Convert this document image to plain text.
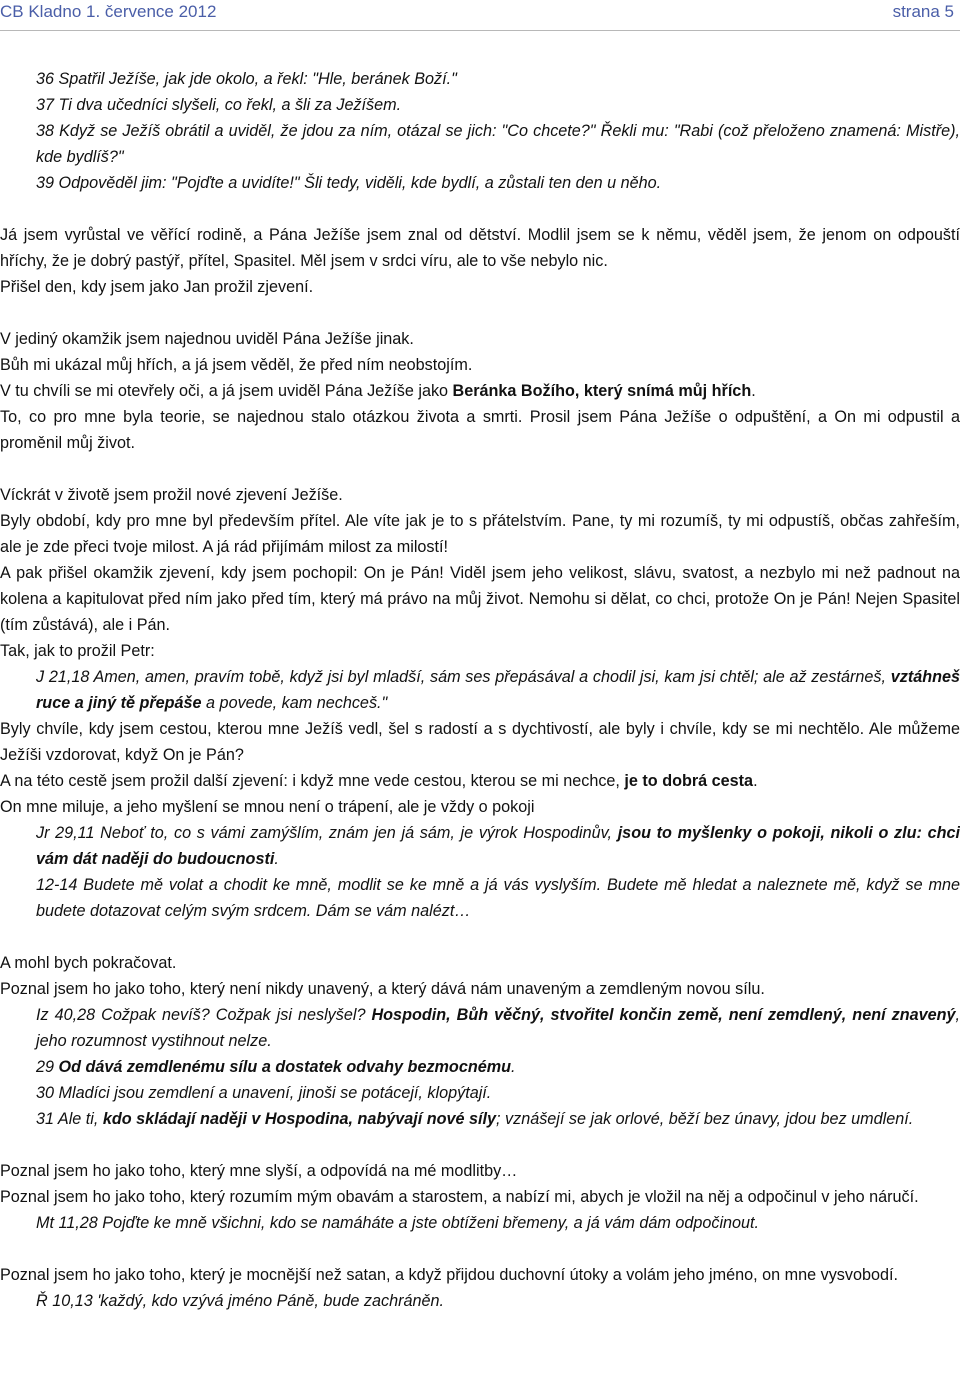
CB Kladno 1. července 2012	strana 5

36 Spatřil Ježíše, jak jde okolo, a řekl: "Hle, beránek Boží."

37 Ti dva učedníci slyšeli, co řekl, a šli za Ježíšem.

38 Když se Ježíš obrátil a uviděl, že jdou za ním, otázal se jich: "Co chcete?" Řekli mu: "Rabi (což přeloženo znamená: Mistře), kde bydlíš?"

39 Odpověděl jim: "Pojďte a uvidíte!" Šli tedy, viděli, kde bydlí, a zůstali ten den u něho.

Já jsem vyrůstal ve věřící rodině, a Pána Ježíše jsem znal od dětství. Modlil jsem se k němu, věděl jsem, že jenom on odpouští hříchy, že je dobrý pastýř, přítel, Spasitel. Měl jsem v srdci víru, ale to vše nebylo nic.

Přišel den, kdy jsem jako Jan prožil zjevení.

V jediný okamžik jsem najednou uviděl Pána Ježíše jinak.

Bůh mi ukázal můj hřích, a já jsem věděl, že před ním neobstojím.

V tu chvíli se mi otevřely oči, a já jsem uviděl Pána Ježíše jako Beránka Božího, který snímá můj hřích.

To, co pro mne byla teorie, se najednou stalo otázkou života a smrti. Prosil jsem Pána Ježíše o odpuštění, a On mi odpustil a proměnil můj život.

Víckrát v životě jsem prožil nové zjevení Ježíše.

Byly období, kdy pro mne byl především přítel. Ale víte jak je to s přátelstvím. Pane, ty mi rozumíš, ty mi odpustíš, občas zahřeším, ale je zde přeci tvoje milost. A já rád přijímám milost za milostí!

A pak přišel okamžik zjevení, kdy jsem pochopil: On je Pán! Viděl jsem jeho velikost, slávu, svatost, a nezbylo mi než padnout na kolena a kapitulovat před ním jako před tím, který má právo na můj život. Nemohu si dělat, co chci, protože On je Pán! Nejen Spasitel (tím zůstává), ale i Pán.

Tak, jak to prožil Petr:

J 21,18 Amen, amen, pravím tobě, když jsi byl mladší, sám ses přepásával a chodil jsi, kam jsi chtěl; ale až zestárneš, vztáhneš ruce a jiný tě přepáše a povede, kam nechceš."

Byly chvíle, kdy jsem cestou, kterou mne Ježíš vedl, šel s radostí a s dychtivostí, ale byly i chvíle, kdy se mi nechtělo. Ale můžeme Ježíši vzdorovat, když On je Pán?

A na této cestě jsem prožil další zjevení: i když mne vede cestou, kterou se mi nechce, je to dobrá cesta.

On mne miluje, a jeho myšlení se mnou není o trápení, ale je vždy o pokoji

Jr 29,11 Neboť to, co s vámi zamýšlím, znám jen já sám, je výrok Hospodinův, jsou to myšlenky o pokoji, nikoli o zlu: chci vám dát naději do budoucnosti.

12-14 Budete mě volat a chodit ke mně, modlit se ke mně a já vás vyslyším. Budete mě hledat a naleznete mě, když se mne budete dotazovat celým svým srdcem. Dám se vám nalézt…

A mohl bych pokračovat.

Poznal jsem ho jako toho, který není nikdy unavený, a který dává nám unaveným a zemdleným novou sílu.

Iz 40,28 Cožpak nevíš? Cožpak jsi neslyšel? Hospodin, Bůh věčný, stvořitel končin země, není zemdlený, není znavený, jeho rozumnost vystihnout nelze.

29 Od dává zemdlenému sílu a dostatek odvahy bezmocnému.

30 Mladíci jsou zemdlení a unavení, jinoši se potácejí, klopýtají.

31 Ale ti, kdo skládají naději v Hospodina, nabývají nové síly; vznášejí se jak orlové, běží bez únavy, jdou bez umdlení.

Poznal jsem ho jako toho, který mne slyší, a odpovídá na mé modlitby…

Poznal jsem ho jako toho, který rozumím mým obavám a starostem, a nabízí mi, abych je vložil na něj a odpočinul v jeho náručí.

Mt 11,28 Pojďte ke mně všichni, kdo se namáháte a jste obtíženi břemeny, a já vám dám odpočinout.

Poznal jsem ho jako toho, který je mocnější než satan, a když přijdou duchovní útoky a volám jeho jméno, on mne vysvobodí.

Ř 10,13 'každý, kdo vzývá jméno Páně, bude zachráněn.
